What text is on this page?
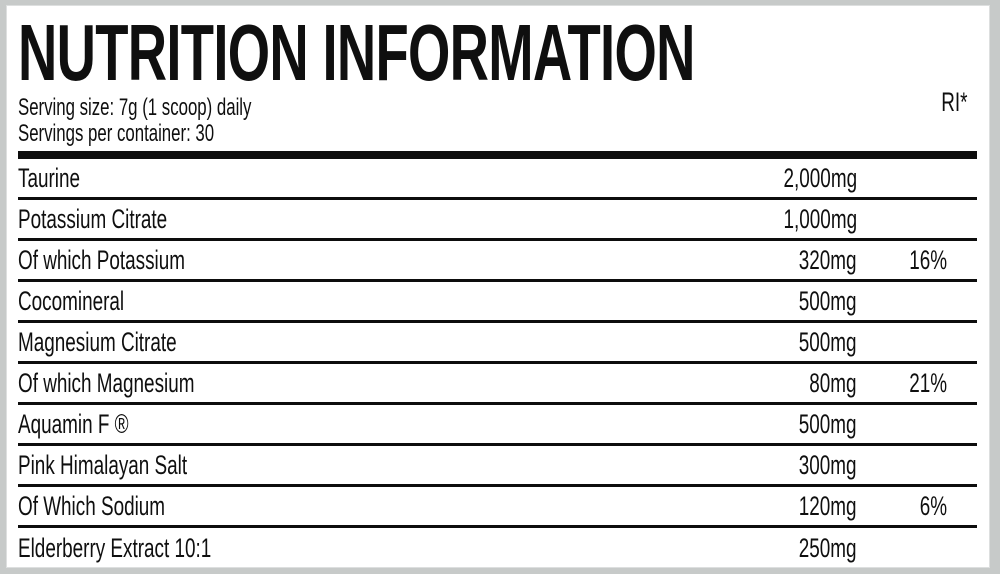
NUTRITION INFORMATION
Serving size: 7g (1 scoop) daily
Servings per container: 30
RI*
Taurine	2,000mg
Potassium Citrate	1,000mg
Of which Potassium	320mg	16%
Cocomineral	500mg
Magnesium Citrate	500mg
Of which Magnesium	80mg	21%
Aquamin F ®	500mg
Pink Himalayan Salt	300mg
Of Which Sodium	120mg	6%
Elderberry Extract 10:1	250mg
